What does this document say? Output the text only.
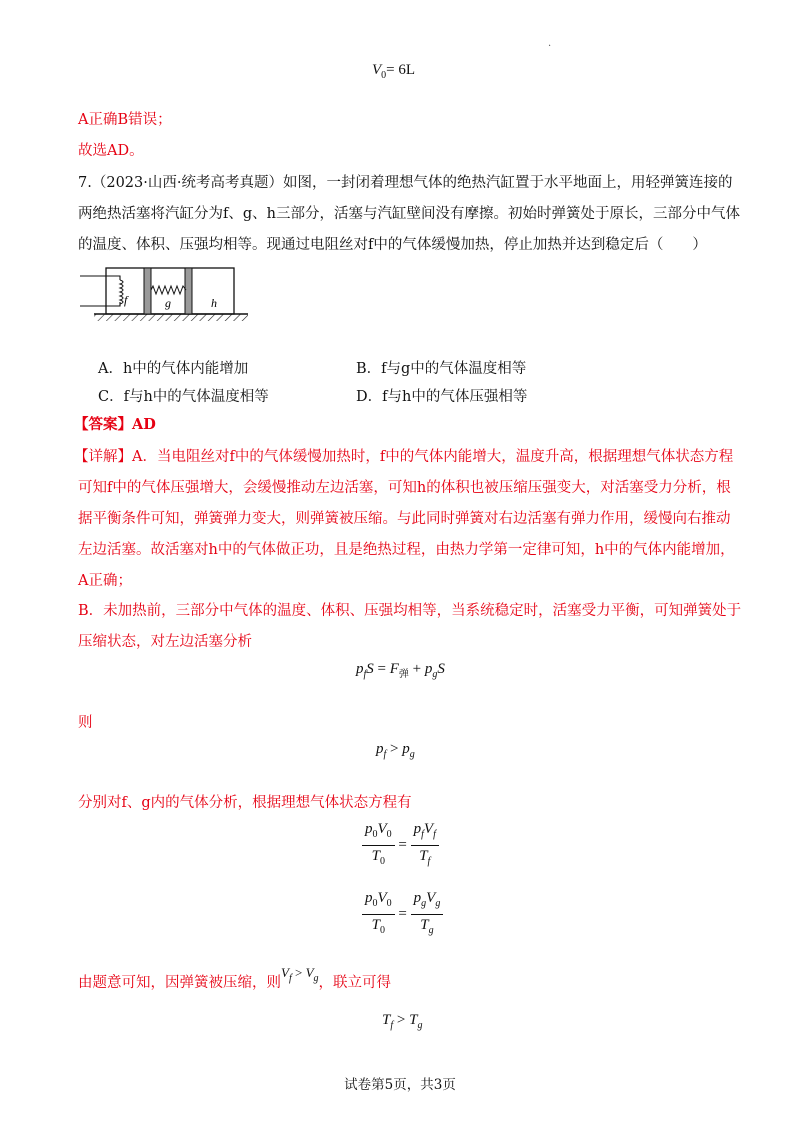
.
$V_0= 6L$
A正确B错误；
故选AD。
7.（2023·山西·统考高考真题）如图，一封闭着理想气体的绝热汽缸置于水平地面上，用轻弹簧连接的
两绝热活塞将汽缸分为f、g、h三部分，活塞与汽缸壁间没有摩擦。初始时弹簧处于原长，三部分中气体
的温度、体积、压强均相等。现通过电阻丝对f中的气体缓慢加热，停止加热并达到稳定后（　　）
f	g	h
A．h中的气体内能增加	B．f与g中的气体温度相等
C．f与h中的气体温度相等	D．f与h中的气体压强相等
【答案】AD
【详解】A．当电阻丝对f中的气体缓慢加热时，f中的气体内能增大，温度升高，根据理想气体状态方程
可知f中的气体压强增大，会缓慢推动左边活塞，可知h的体积也被压缩压强变大，对活塞受力分析，根
据平衡条件可知，弹簧弹力变大，则弹簧被压缩。与此同时弹簧对右边活塞有弹力作用，缓慢向右推动
左边活塞。故活塞对h中的气体做正功，且是绝热过程，由热力学第一定律可知，h中的气体内能增加，
A正确；
B．未加热前，三部分中气体的温度、体积、压强均相等，当系统稳定时，活塞受力平衡，可知弹簧处于
压缩状态，对左边活塞分析
$p_fS = F_弹 + p_gS$
则
$p_f > p_g$
分别对f、g内的气体分析，根据理想气体状态方程有
$\frac{p_0V_0}{T_0} = \frac{p_fV_f}{T_f}$
$\frac{p_0V_0}{T_0} = \frac{p_gV_g}{T_g}$
由题意可知，因弹簧被压缩，则$V_f > V_g$，联立可得
$T_f > T_g$
试卷第5页，共3页
